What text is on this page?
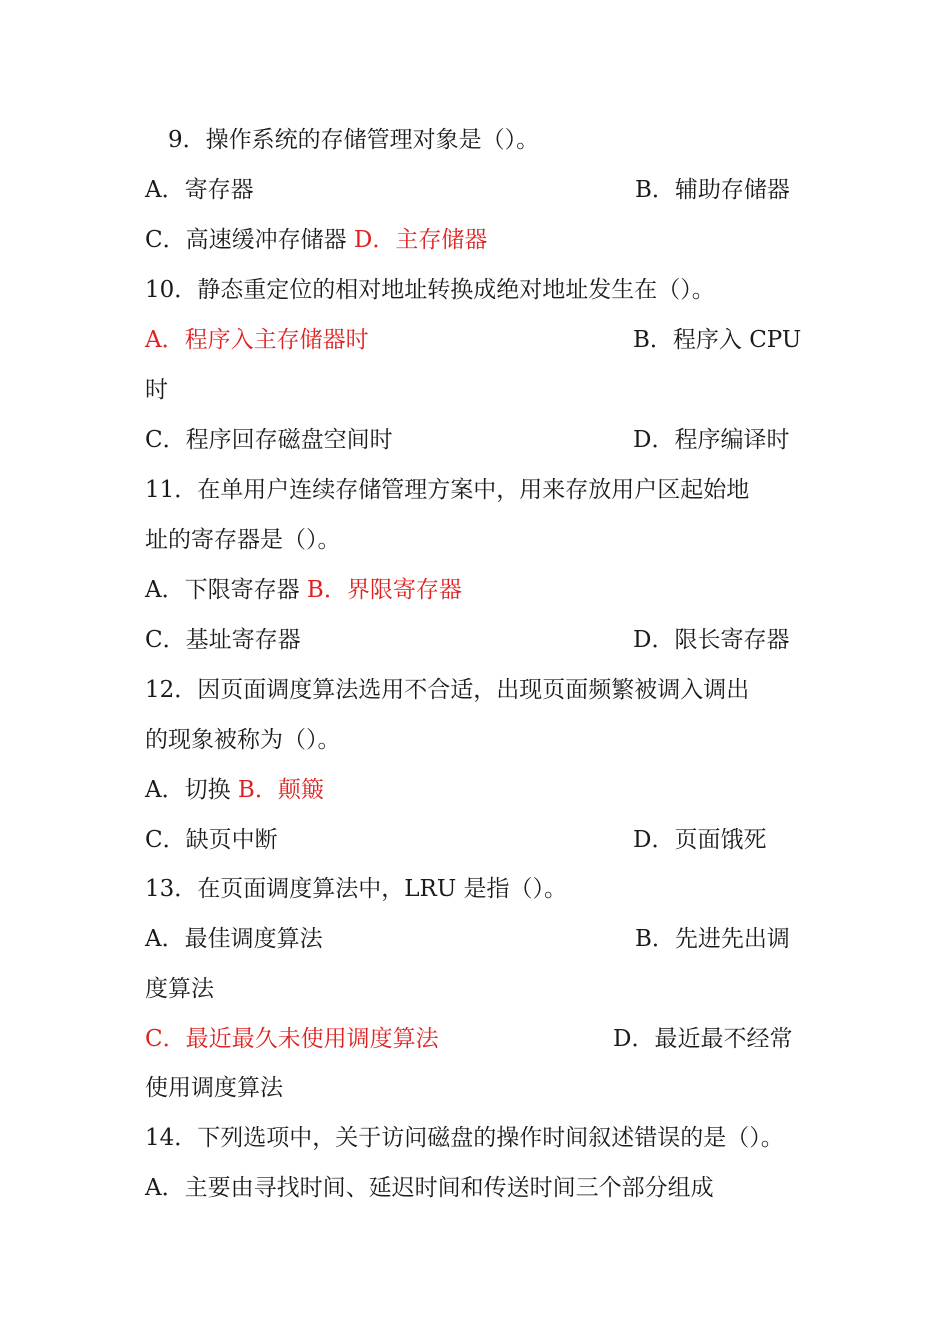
9．操作系统的存储管理对象是（）。
A．寄存器	B．辅助存储器
C．高速缓冲存储器 D．主存储器
10．静态重定位的相对地址转换成绝对地址发生在（）。
A．程序入主存储器时	B．程序入 CPU
时
C．程序回存磁盘空间时	D．程序编译时
11．在单用户连续存储管理方案中，用来存放用户区起始地
址的寄存器是（）。
A．下限寄存器 B．界限寄存器
C．基址寄存器	D．限长寄存器
12．因页面调度算法选用不合适，出现页面频繁被调入调出
的现象被称为（）。
A．切换 B．颠簸
C．缺页中断	D．页面饿死
13．在页面调度算法中，LRU 是指（）。
A．最佳调度算法	B．先进先出调
度算法
C．最近最久未使用调度算法	D．最近最不经常
使用调度算法
14．下列选项中，关于访问磁盘的操作时间叙述错误的是（）。
A．主要由寻找时间、延迟时间和传送时间三个部分组成
